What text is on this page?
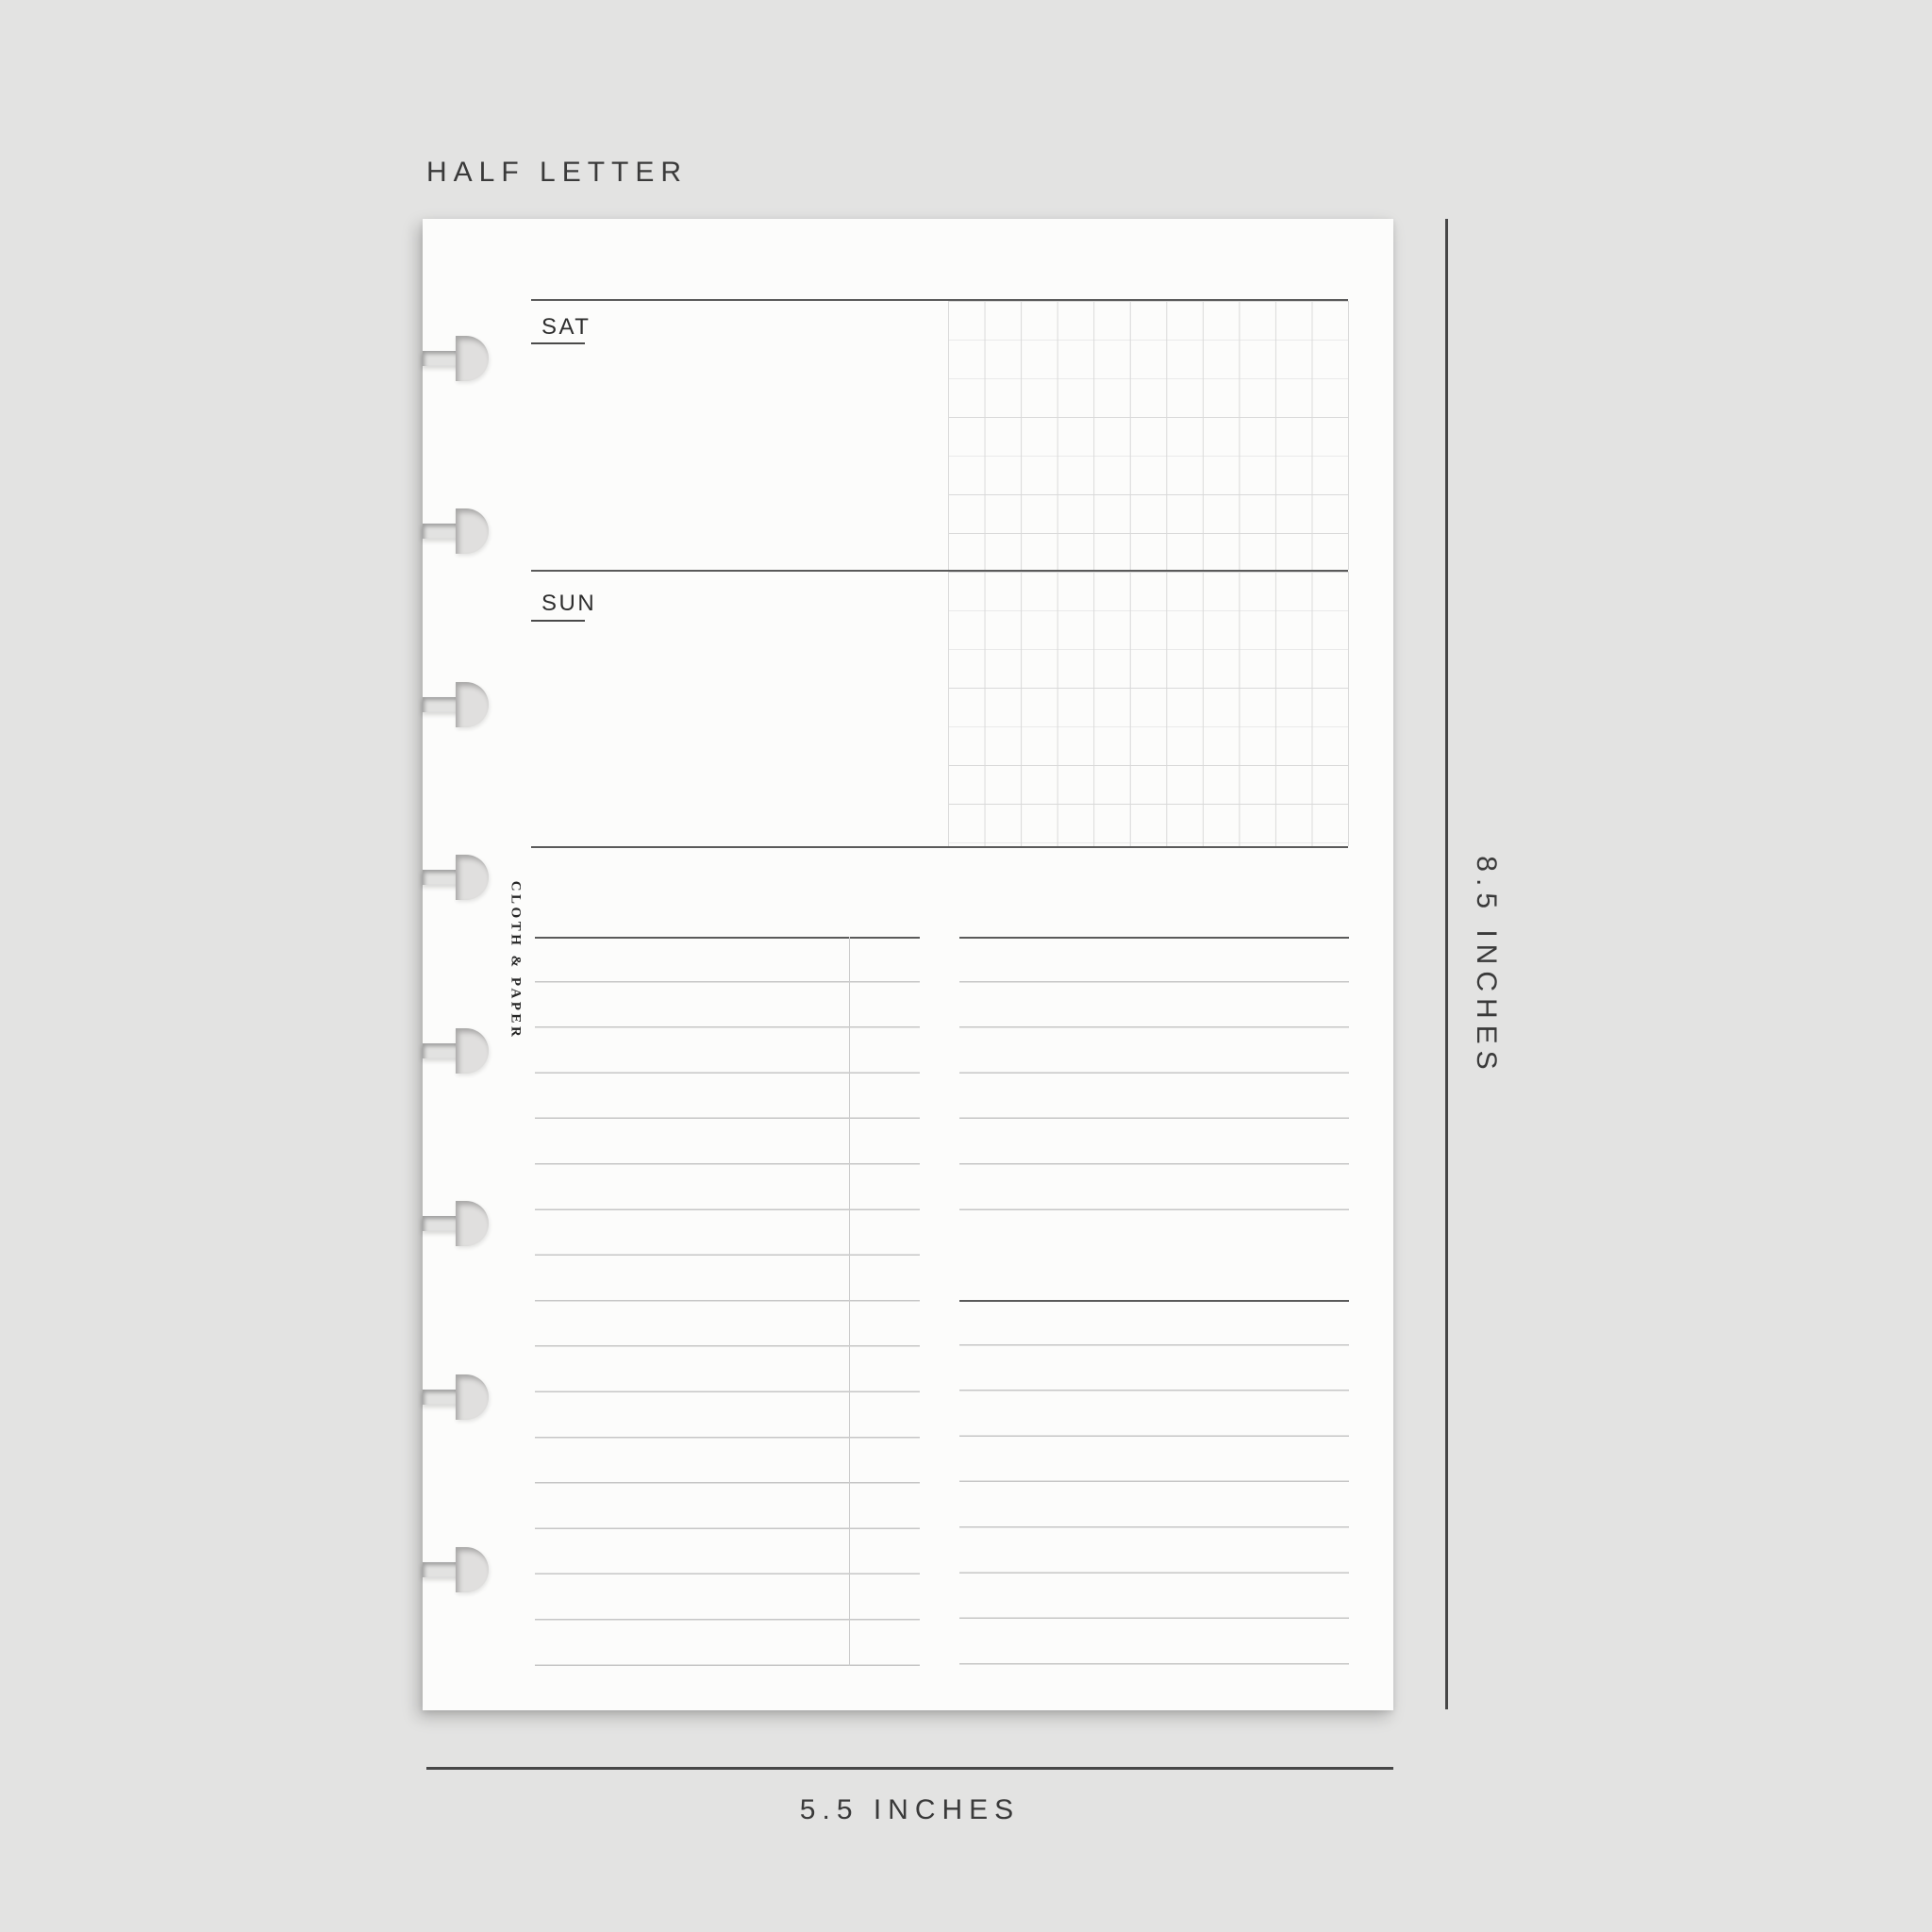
HALF LETTER
SAT
SUN
CLOTH & PAPER	8.5 INCHES
5.5 INCHES
